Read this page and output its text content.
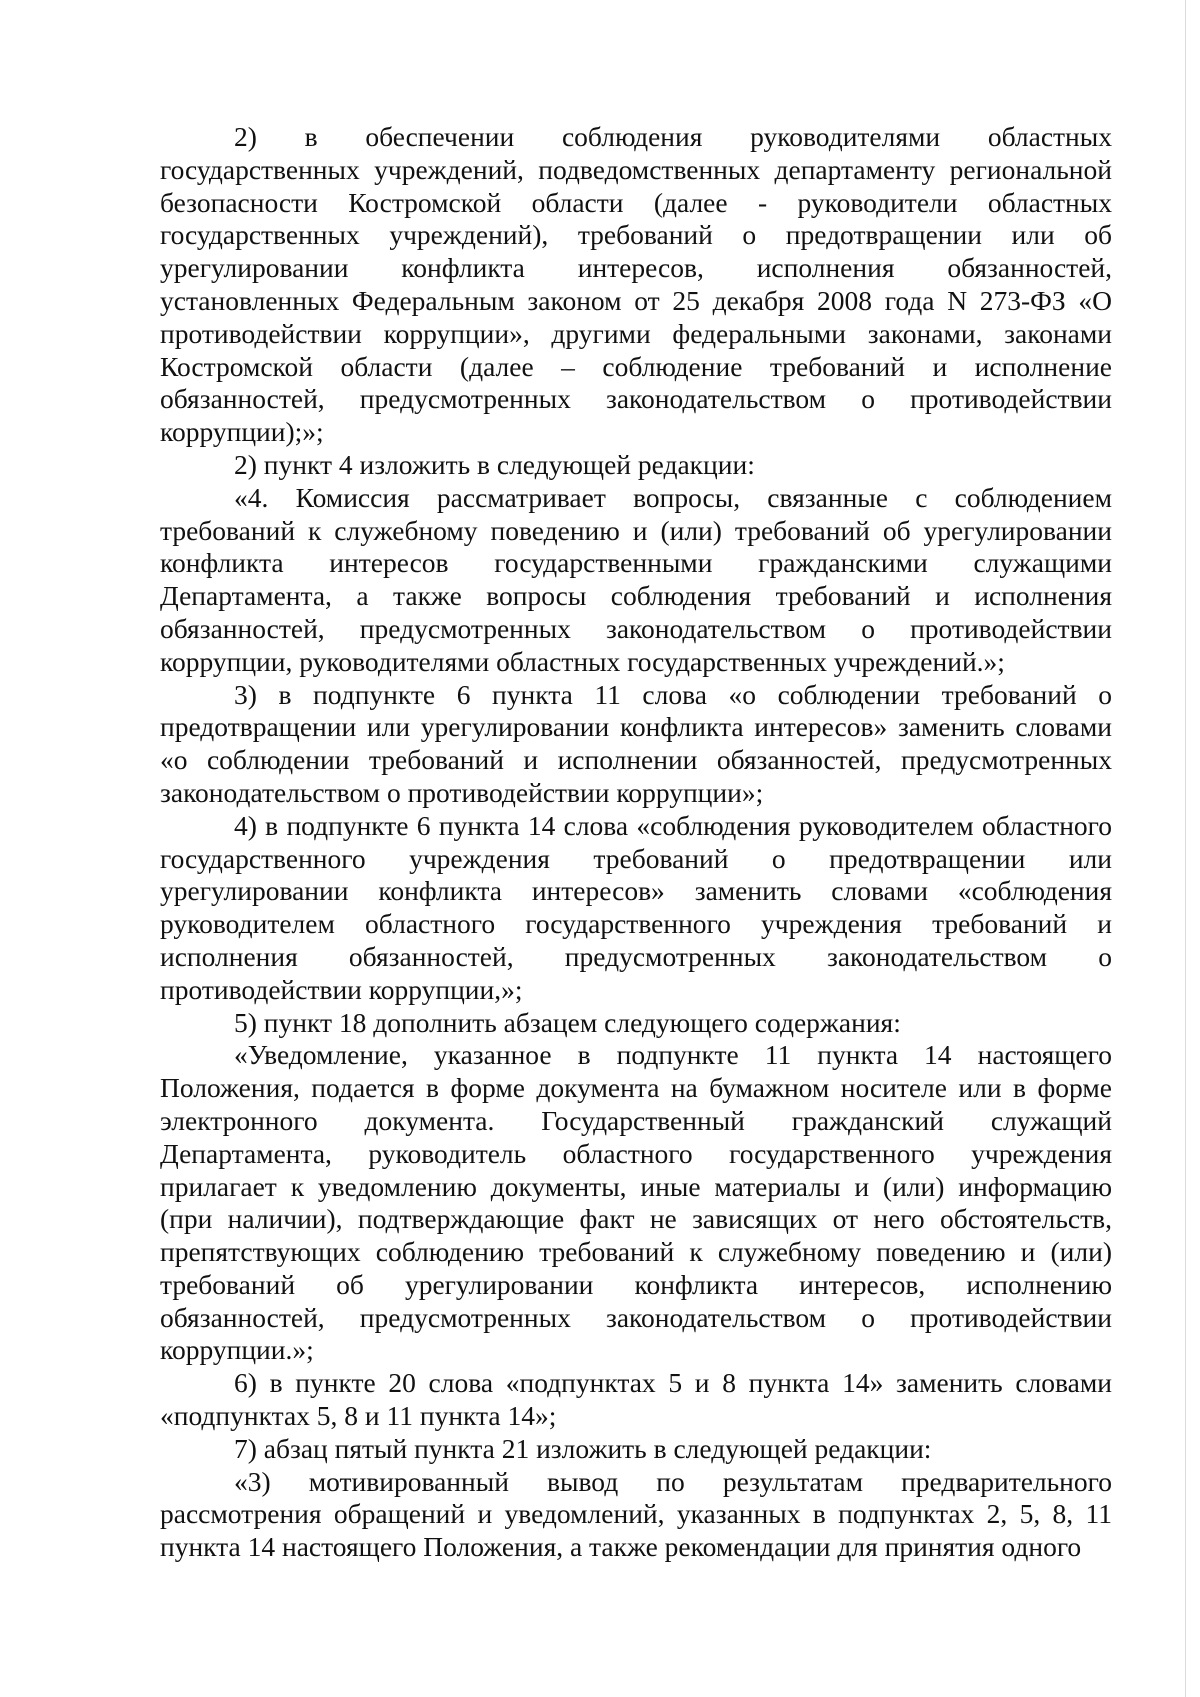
2) в обеспечении соблюдения руководителями областных государственных учреждений, подведомственных департаменту региональной безопасности Костромской области (далее - руководители областных государственных учреждений), требований о предотвращении или об урегулировании конфликта интересов, исполнения обязанностей, установленных Федеральным законом от 25 декабря 2008 года N 273-ФЗ «О противодействии коррупции», другими федеральными законами, законами Костромской области (далее – соблюдение требований и исполнение обязанностей, предусмотренных законодательством о противодействии коррупции);»;

2) пункт 4 изложить в следующей редакции:

«4. Комиссия рассматривает вопросы, связанные с соблюдением требований к служебному поведению и (или) требований об урегулировании конфликта интересов государственными гражданскими служащими Департамента, а также вопросы соблюдения требований и исполнения обязанностей, предусмотренных законодательством о противодействии коррупции, руководителями областных государственных учреждений.»;

3) в подпункте 6 пункта 11 слова «о соблюдении требований о предотвращении или урегулировании конфликта интересов» заменить словами «о соблюдении требований и исполнении обязанностей, предусмотренных законодательством о противодействии коррупции»;

4) в подпункте 6 пункта 14 слова «соблюдения руководителем областного государственного учреждения требований о предотвращении или урегулировании конфликта интересов» заменить словами «соблюдения руководителем областного государственного учреждения требований и исполнения обязанностей, предусмотренных законодательством о противодействии коррупции,»;

5) пункт 18 дополнить абзацем следующего содержания:

«Уведомление, указанное в подпункте 11 пункта 14 настоящего Положения, подается в форме документа на бумажном носителе или в форме электронного документа. Государственный гражданский служащий Департамента, руководитель областного государственного учреждения прилагает к уведомлению документы, иные материалы и (или) информацию (при наличии), подтверждающие факт не зависящих от него обстоятельств, препятствующих соблюдению требований к служебному поведению и (или) требований об урегулировании конфликта интересов, исполнению обязанностей, предусмотренных законодательством о противодействии коррупции.»;

6) в пункте 20 слова «подпунктах 5 и 8 пункта 14» заменить словами «подпунктах 5, 8 и 11 пункта 14»;

7) абзац пятый пункта 21 изложить в следующей редакции:

«3) мотивированный вывод по результатам предварительного рассмотрения обращений и уведомлений, указанных в подпунктах 2, 5, 8, 11 пункта 14 настоящего Положения, а также рекомендации для принятия одного
